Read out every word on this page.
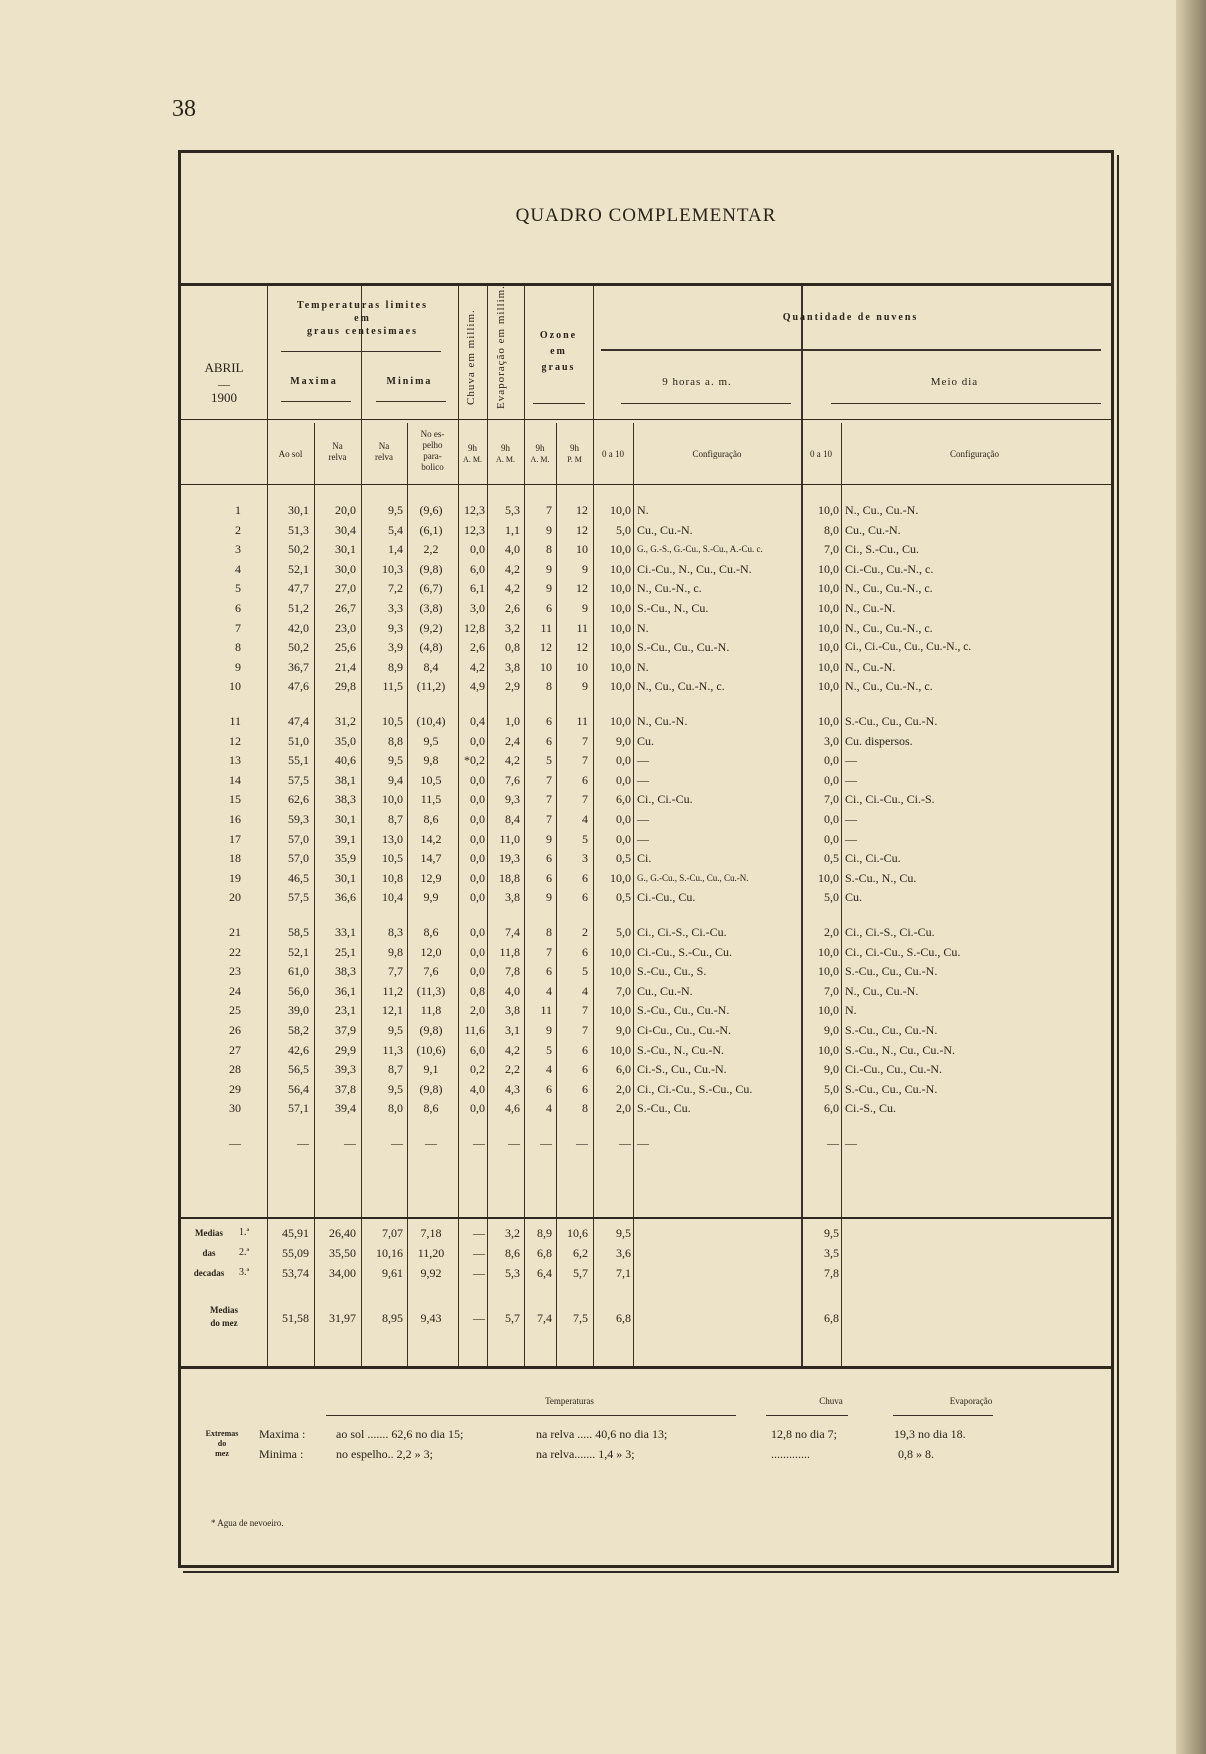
38
QUADRO COMPLEMENTAR
ABRIL
—
1900
Temperaturas limites
em
graus centesimaes
Maxima	Minima	Chuva em millim. Evaporação em millim.	Ozone
em
graus
Quantidade de nuvens
9 horas a. m.	Meio dia
Ao sol
Na
relva
Na
relva
No es-
pelho
para-
bolico
9h
A. M.
9h
A. M.
9h
A. M.
9h
P. M
0 a 10	Configuração	0 a 10	Configuração
1	30,1	20,0	9,5	(9,6)	12,3	5,3	7	12	10,0 N.	10,0 N., Cu., Cu.-N.
2	51,3	30,4	5,4	(6,1)	12,3	1,1	9	12	5,0 Cu., Cu.-N.	8,0 Cu., Cu.-N.
3	50,2	30,1	1,4	2,2	0,0	4,0	8	10	10,0 G., G.-S., G.-Cu., S.-Cu., A.-Cu. c.	7,0 Ci., S.-Cu., Cu.
4	52,1	30,0	10,3	(9,8)	6,0	4,2	9	9	10,0 Ci.-Cu., N., Cu., Cu.-N.	10,0 Ci.-Cu., Cu.-N., c.
5	47,7	27,0	7,2	(6,7)	6,1	4,2	9	12	10,0 N., Cu.-N., c.	10,0 N., Cu., Cu.-N., c.
6	51,2	26,7	3,3	(3,8)	3,0	2,6	6	9	10,0 S.-Cu., N., Cu.	10,0 N., Cu.-N.
7	42,0	23,0	9,3	(9,2)	12,8	3,2	11	11	10,0 N.	10,0 N., Cu., Cu.-N., c.
8	50,2	25,6	3,9	(4,8)	2,6	0,8	12	12	10,0 S.-Cu., Cu., Cu.-N.	10,0 Ci., Ci.-Cu., Cu., Cu.-N., c.
9	36,7	21,4	8,9	8,4	4,2	3,8	10	10	10,0 N.	10,0 N., Cu.-N.
10	47,6	29,8	11,5	(11,2)	4,9	2,9	8	9	10,0 N., Cu., Cu.-N., c.	10,0 N., Cu., Cu.-N., c.
11	47,4	31,2	10,5	(10,4)	0,4	1,0	6	11	10,0 N., Cu.-N.	10,0 S.-Cu., Cu., Cu.-N.
12	51,0	35,0	8,8	9,5	0,0	2,4	6	7	9,0 Cu.	3,0 Cu. dispersos.
13	55,1	40,6	9,5	9,8	*0,2	4,2	5	7	0,0 —	0,0 —
14	57,5	38,1	9,4	10,5	0,0	7,6	7	6	0,0 —	0,0 —
15	62,6	38,3	10,0	11,5	0,0	9,3	7	7	6,0 Ci., Ci.-Cu.	7,0 Ci., Ci.-Cu., Ci.-S.
16	59,3	30,1	8,7	8,6	0,0	8,4	7	4	0,0 —	0,0 —
17	57,0	39,1	13,0	14,2	0,0	11,0	9	5	0,0 —	0,0 —
18	57,0	35,9	10,5	14,7	0,0	19,3	6	3	0,5 Ci.	0,5 Ci., Ci.-Cu.
19	46,5	30,1	10,8	12,9	0,0	18,8	6	6	10,0 G., G.-Cu., S.-Cu., Cu., Cu.-N.	10,0 S.-Cu., N., Cu.
20	57,5	36,6	10,4	9,9	0,0	3,8	9	6	0,5 Ci.-Cu., Cu.	5,0 Cu.
21	58,5	33,1	8,3	8,6	0,0	7,4	8	2	5,0 Ci., Ci.-S., Ci.-Cu.	2,0 Ci., Ci.-S., Ci.-Cu.
22	52,1	25,1	9,8	12,0	0,0	11,8	7	6	10,0 Ci.-Cu., S.-Cu., Cu.	10,0 Ci., Ci.-Cu., S.-Cu., Cu.
23	61,0	38,3	7,7	7,6	0,0	7,8	6	5	10,0 S.-Cu., Cu., S.	10,0 S.-Cu., Cu., Cu.-N.
24	56,0	36,1	11,2	(11,3)	0,8	4,0	4	4	7,0 Cu., Cu.-N.	7,0 N., Cu., Cu.-N.
25	39,0	23,1	12,1	11,8	2,0	3,8	11	7	10,0 S.-Cu., Cu., Cu.-N.	10,0 N.
26	58,2	37,9	9,5	(9,8)	11,6	3,1	9	7	9,0 Ci-Cu., Cu., Cu.-N.	9,0 S.-Cu., Cu., Cu.-N.
27	42,6	29,9	11,3	(10,6)	6,0	4,2	5	6	10,0 S.-Cu., N., Cu.-N.	10,0 S.-Cu., N., Cu., Cu.-N.
28	56,5	39,3	8,7	9,1	0,2	2,2	4	6	6,0 Ci.-S., Cu., Cu.-N.	9,0 Ci.-Cu., Cu., Cu.-N.
29	56,4	37,8	9,5	(9,8)	4,0	4,3	6	6	2,0 Ci., Ci.-Cu., S.-Cu., Cu.	5,0 S.-Cu., Cu., Cu.-N.
30	57,1	39,4	8,0	8,6	0,0	4,6	4	8	2,0 S.-Cu., Cu.	6,0 Ci.-S., Cu.
—	—	—	—	—	—	—	—	—	— —	— —
Medias
das
decadas
1.ª	45,91	26,40	7,07	7,18	—	3,2	8,9	10,6	9,5	9,5
2.ª	55,09	35,50	10,16	11,20	—	8,6	6,8	6,2	3,6	3,5
3.ª	53,74	34,00	9,61	9,92	—	5,3	6,4	5,7	7,1	7,8
Medias
do mez	51,58	31,97	8,95	9,43	—	5,7	7,4	7,5	6,8	6,8
Temperaturas	Chuva	Evaporação
Extremas
do
mez
Maxima :
Minima :
ao sol ....... 62,6 no dia 15;	na relva ..... 40,6 no dia 13;	12,8 no dia 7;	19,3 no dia 18.
no espelho.. 2,2 » 3;	na relva....... 1,4 » 3;	.............	0,8 » 8.
* Agua de nevoeiro.
